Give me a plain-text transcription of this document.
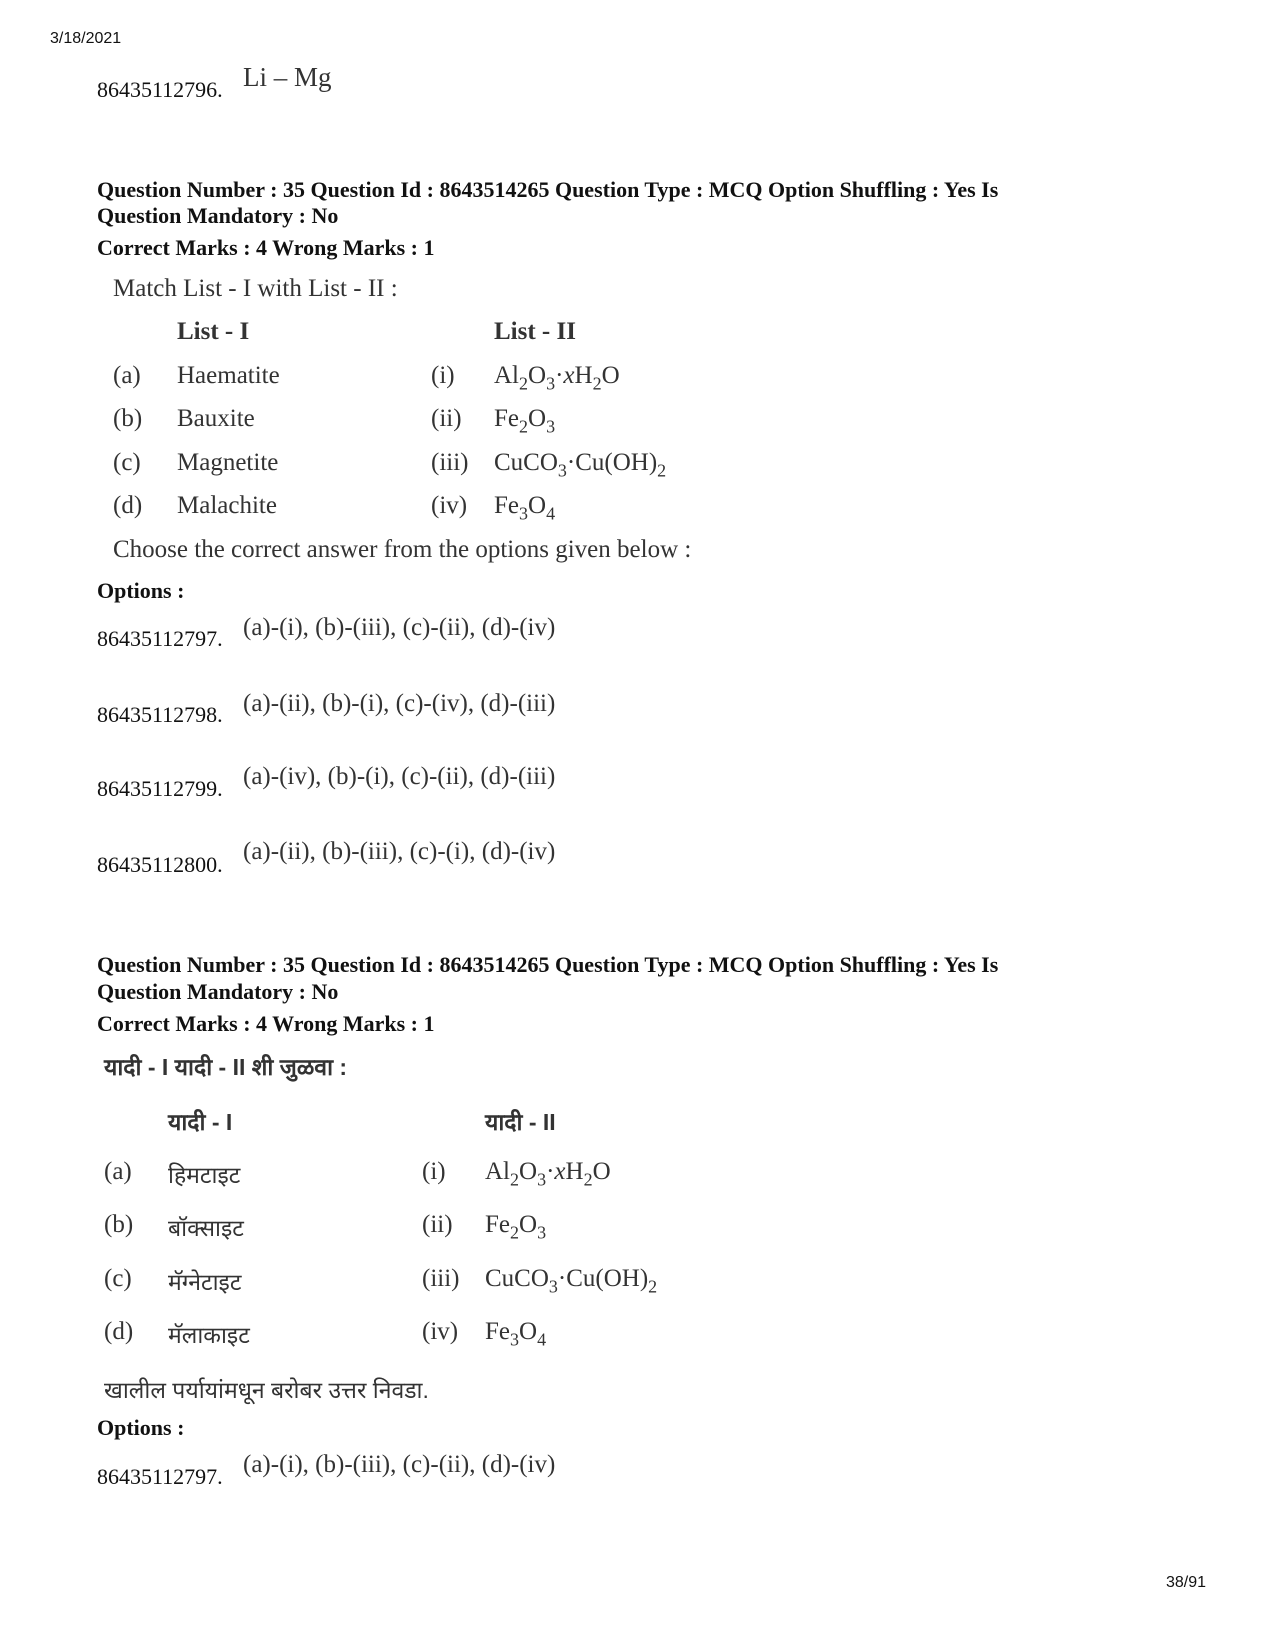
3/18/2021
38/91
86435112796. Li – Mg
Question Number : 35 Question Id : 8643514265 Question Type : MCQ Option Shuffling : Yes Is
Question Mandatory : No
Correct Marks : 4 Wrong Marks : 1
Match List - I with List - II :
List - I	List - II
(a) Haematite	(i) $Al_2O_3\cdot xH_2O$
(b) Bauxite	(ii) $Fe_2O_3$
(c) Magnetite	(iii) $CuCO_3\cdot Cu(OH)_2$
(d) Malachite	(iv) $Fe_3O_4$
Choose the correct answer from the options given below :
Options :
86435112797. (a)-(i), (b)-(iii), (c)-(ii), (d)-(iv)
86435112798. (a)-(ii), (b)-(i), (c)-(iv), (d)-(iii)
86435112799. (a)-(iv), (b)-(i), (c)-(ii), (d)-(iii)
86435112800. (a)-(ii), (b)-(iii), (c)-(i), (d)-(iv)
Question Number : 35 Question Id : 8643514265 Question Type : MCQ Option Shuffling : Yes Is
Question Mandatory : No
Correct Marks : 4 Wrong Marks : 1
यादी - I यादी - II शी जुळवा :
यादी - I	यादी - II
(a) हिमटाइट	(i) $Al_2O_3\cdot xH_2O$
(b) बॉक्साइट	(ii) $Fe_2O_3$
(c) मॅग्नेटाइट	(iii) $CuCO_3\cdot Cu(OH)_2$
(d) मॅलाकाइट	(iv) $Fe_3O_4$
खालील पर्यायांमधून बरोबर उत्तर निवडा.
Options :
86435112797. (a)-(i), (b)-(iii), (c)-(ii), (d)-(iv)
